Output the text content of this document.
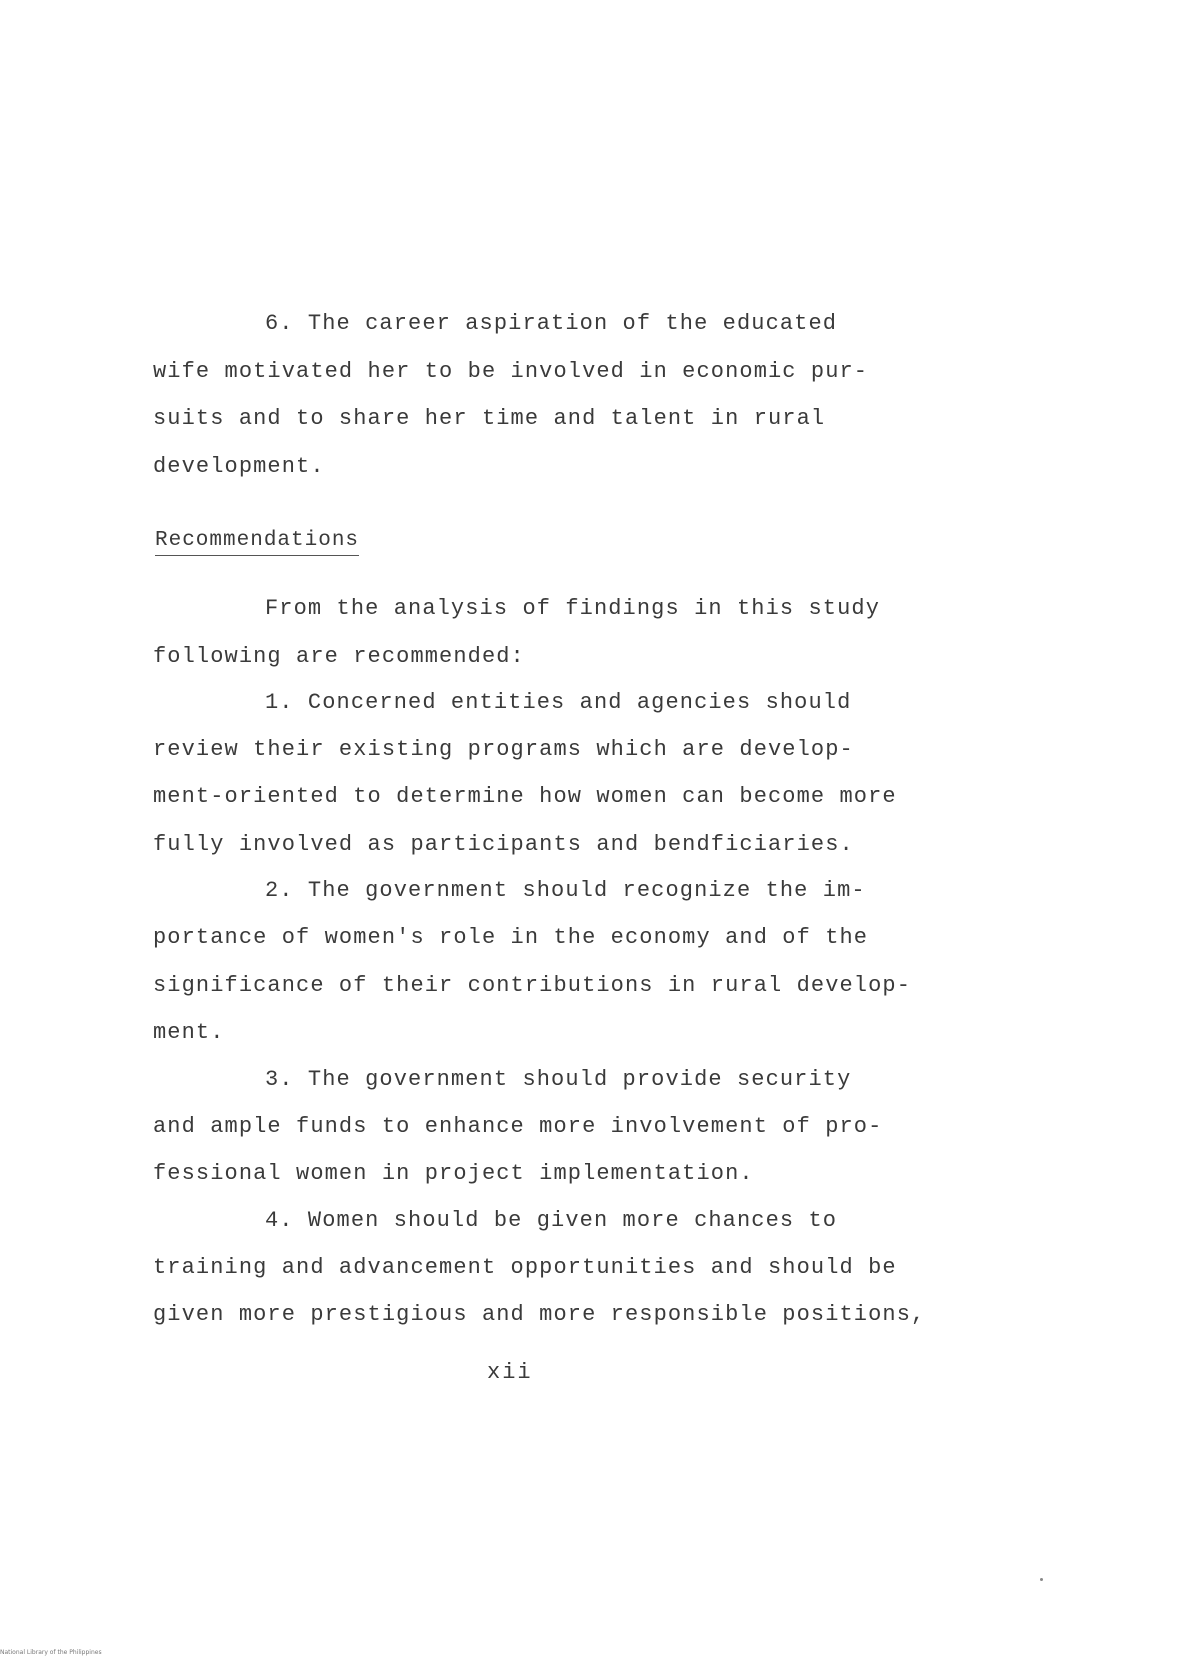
6. The career aspiration of the educated
wife motivated her to be involved in economic pur-
suits and to share her time and talent in rural
development.
Recommendations
From the analysis of findings in this study
following are recommended:
1. Concerned entities and agencies should
review their existing programs which are develop-
ment-oriented to determine how women can become more
fully involved as participants and bendficiaries.
2. The government should recognize the im-
portance of women's role in the economy and of the
significance of their contributions in rural develop-
ment.
3. The government should provide security
and ample funds to enhance more involvement of pro-
fessional women in project implementation.
4. Women should be given more chances to
training and advancement opportunities and should be
given more prestigious and more responsible positions,
xii
National Library of the Philippines
